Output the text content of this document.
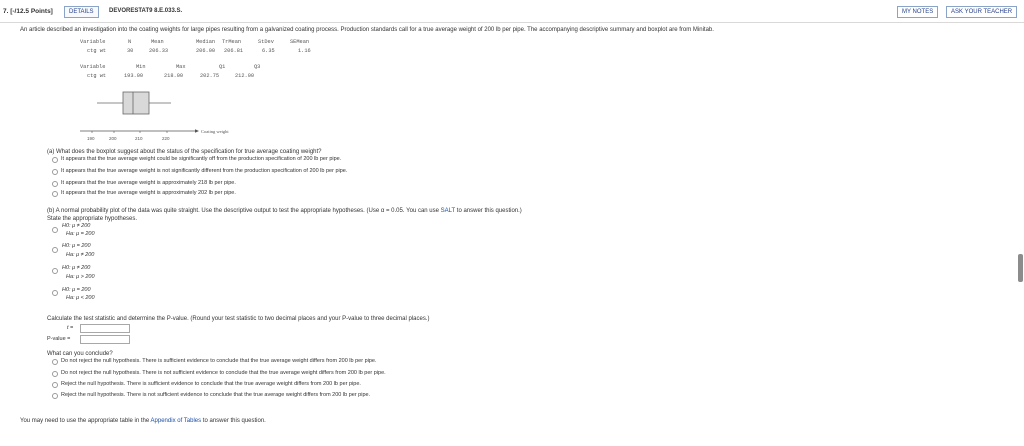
7. [-/12.5 Points]	DETAILS	DEVORESTAT9 8.E.033.S.	MY NOTES	ASK YOUR TEACHER
An article described an investigation into the coating weights for large pipes resulting from a galvanized coating process. Production standards call for a true average weight of 200 lb per pipe. The accompanying descriptive summary and boxplot are from Minitab.
Variable	N	Mean	Median TrMean	StDev	SEMean
ctg wt	30	206.33	206.00 206.81	6.35	1.16
Variable	Min	Max	Q1	Q3
ctg wt	193.00	218.00	202.75	212.00
190	200	210	220
Coating weight
(a) What does the boxplot suggest about the status of the specification for true average coating weight?
It appears that the true average weight could be significantly off from the production specification of 200 lb per pipe.
It appears that the true average weight is not significantly different from the production specification of 200 lb per pipe.
It appears that the true average weight is approximately 218 lb per pipe.
It appears that the true average weight is approximately 202 lb per pipe.
(b) A normal probability plot of the data was quite straight. Use the descriptive output to test the appropriate hypotheses. (Use α = 0.05. You can use SALT to answer this question.)
State the appropriate hypotheses.
H0: μ ≠ 200
Ha: μ = 200
H0: μ = 200
Ha: μ ≠ 200
H0: μ ≠ 200
Ha: μ > 200
H0: μ = 200
Ha: μ < 200
Calculate the test statistic and determine the P-value. (Round your test statistic to two decimal places and your P-value to three decimal places.)
t =
P-value =
What can you conclude?
Do not reject the null hypothesis. There is sufficient evidence to conclude that the true average weight differs from 200 lb per pipe.
Do not reject the null hypothesis. There is not sufficient evidence to conclude that the true average weight differs from 200 lb per pipe.
Reject the null hypothesis. There is sufficient evidence to conclude that the true average weight differs from 200 lb per pipe.
Reject the null hypothesis. There is not sufficient evidence to conclude that the true average weight differs from 200 lb per pipe.
You may need to use the appropriate table in the Appendix of Tables to answer this question.
